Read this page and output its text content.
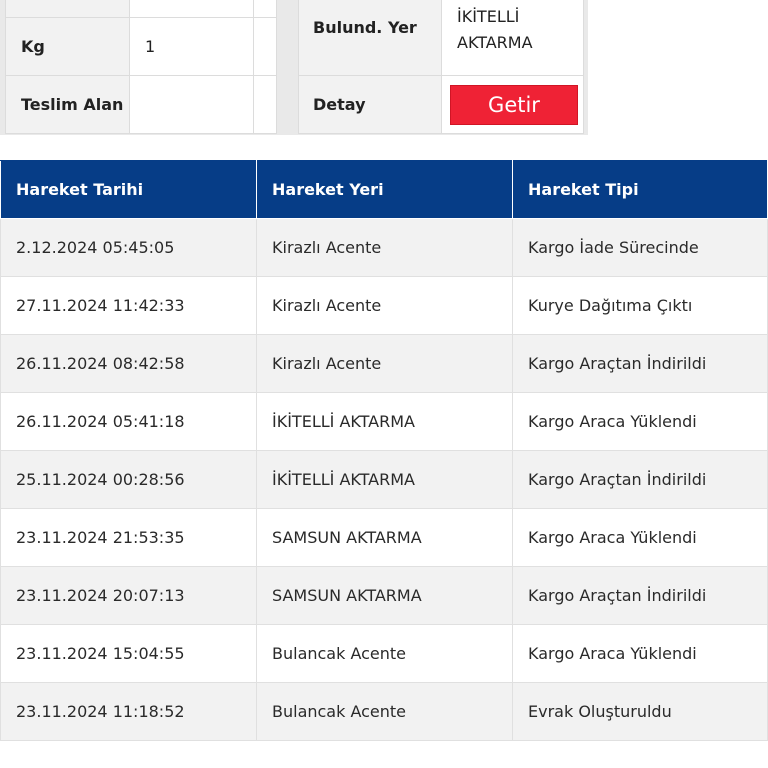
Kg	1	
Teslim Alan		
Bulund. Yer	İKİTELLİ
AKTARMA

Detay	Getir
Hareket Tarihi	Hareket Yeri	Hareket Tipi
2.12.2024 05:45:05	Kirazlı Acente	Kargo İade Sürecinde
27.11.2024 11:42:33	Kirazlı Acente	Kurye Dağıtıma Çıktı
26.11.2024 08:42:58	Kirazlı Acente	Kargo Araçtan İndirildi
26.11.2024 05:41:18	İKİTELLİ AKTARMA	Kargo Araca Yüklendi
25.11.2024 00:28:56	İKİTELLİ AKTARMA	Kargo Araçtan İndirildi
23.11.2024 21:53:35	SAMSUN AKTARMA	Kargo Araca Yüklendi
23.11.2024 20:07:13	SAMSUN AKTARMA	Kargo Araçtan İndirildi
23.11.2024 15:04:55	Bulancak Acente	Kargo Araca Yüklendi
23.11.2024 11:18:52	Bulancak Acente	Evrak Oluşturuldu
